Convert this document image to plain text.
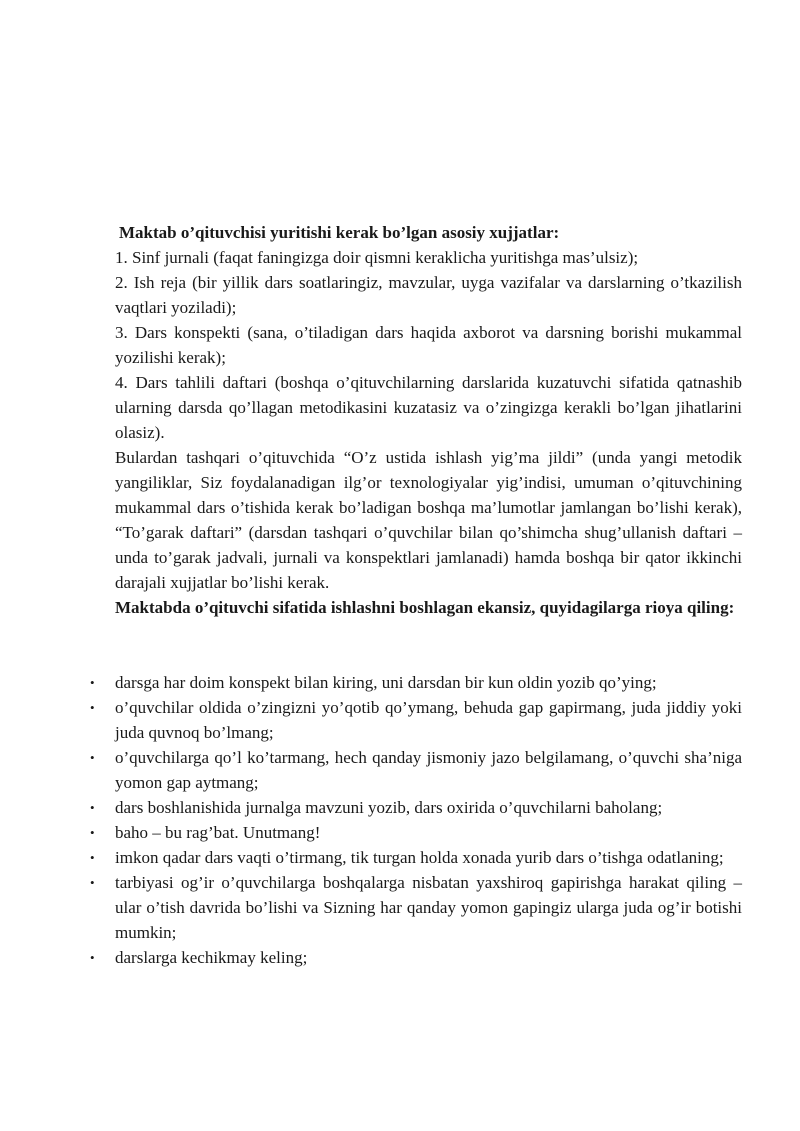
Maktab o’qituvchisi yuritishi kerak bo’lgan asosiy xujjatlar:

1. Sinf jurnali (faqat faningizga doir qismni keraklicha yuritishga mas’ulsiz);

2. Ish reja (bir yillik dars soatlaringiz, mavzular, uyga vazifalar va darslarning o’tkazilish vaqtlari yoziladi);

3. Dars konspekti (sana, o’tiladigan dars haqida axborot va darsning borishi mukammal yozilishi kerak);

4. Dars tahlili daftari (boshqa o’qituvchilarning darslarida kuzatuvchi sifatida qatnashib ularning darsda qo’llagan metodikasini kuzatasiz va o’zingizga kerakli bo’lgan jihatlarini olasiz).

Bulardan tashqari o’qituvchida “O’z ustida ishlash yig’ma jildi” (unda yangi metodik yangiliklar, Siz foydalanadigan ilg’or texnologiyalar yig’indisi, umuman o’qituvchining mukammal dars o’tishida kerak bo’ladigan boshqa ma’lumotlar jamlangan bo’lishi kerak), “To’garak daftari” (darsdan tashqari o’quvchilar bilan qo’shimcha shug’ullanish daftari – unda to’garak jadvali, jurnali va konspektlari jamlanadi) hamda boshqa bir qator ikkinchi darajali xujjatlar bo’lishi kerak.

Maktabda o’qituvchi sifatida ishlashni boshlagan ekansiz, quyidagilarga rioya qiling:

• darsga har doim konspekt bilan kiring, uni darsdan bir kun oldin yozib qo’ying;
• o’quvchilar oldida o’zingizni yo’qotib qo’ymang, behuda gap gapirmang, juda jiddiy yoki juda quvnoq bo’lmang;
• o’quvchilarga qo’l ko’tarmang, hech qanday jismoniy jazo belgilamang, o’quvchi sha’niga yomon gap aytmang;
• dars boshlanishida jurnalga mavzuni yozib, dars oxirida o’quvchilarni baholang;
• baho – bu rag’bat. Unutmang!
• imkon qadar dars vaqti o’tirmang, tik turgan holda xonada yurib dars o’tishga odatlaning;
• tarbiyasi og’ir o’quvchilarga boshqalarga nisbatan yaxshiroq gapirishga harakat qiling – ular o’tish davrida bo’lishi va Sizning har qanday yomon gapingiz ularga juda og’ir botishi mumkin;
• darslarga kechikmay keling;
